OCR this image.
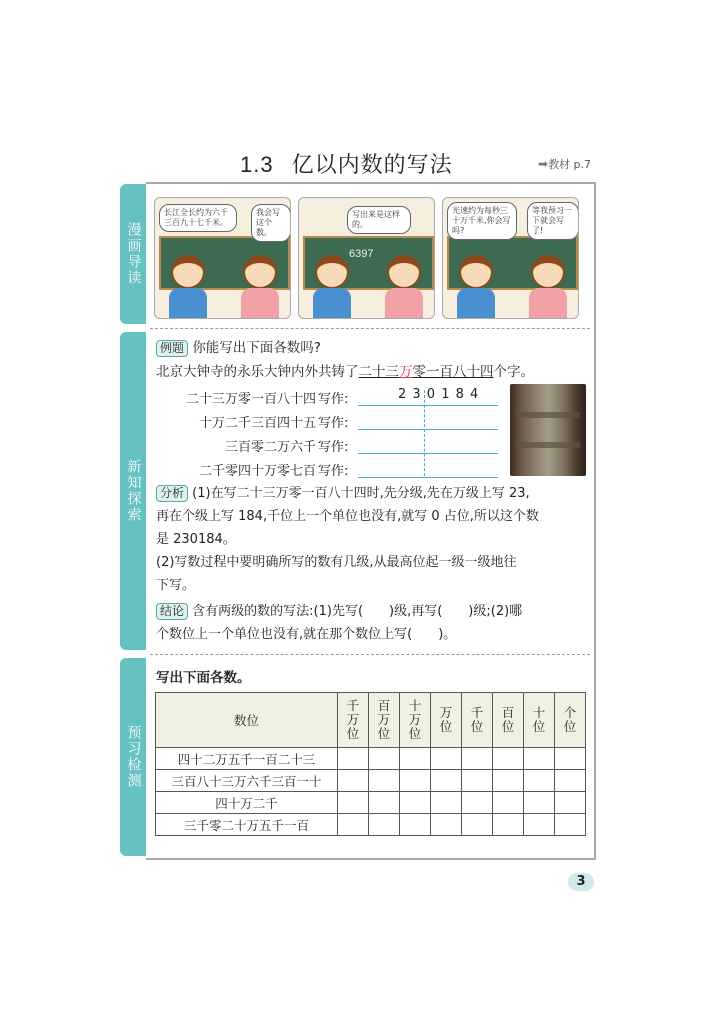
1.3 亿以内数的写法	➡教材 p.7
漫画导读
新知探索
预习检测
长江全长约为六千三百九十七千米。
我会写这个数。
6397
写出来是这样的。
光速约为每秒三十万千米,你会写吗?
等我预习一下就会写了!
例题 你能写出下面各数吗?
北京大钟寺的永乐大钟内外共铸了二十三万零一百八十四个字。
二十三万零一百八十四 写作:	2 3 0 1 8 4
十万二千三百四十五 写作:
三百零二万六千 写作:
二千零四十万零七百 写作:
分析 (1)在写二十三万零一百八十四时,先分级,先在万级上写 23,
再在个级上写 184,千位上一个单位也没有,就写 0 占位,所以这个数
是 230184。
(2)写数过程中要明确所写的数有几级,从最高位起一级一级地往
下写。
结论 含有两级的数的写法:(1)先写(　　)级,再写(　　)级;(2)哪
个数位上一个单位也没有,就在那个数位上写(　　)。
写出下面各数。
数位	千万位	百万位	十万位	万位	千位	百位	十位	个位
四十二万五千一百二十三								
三百八十三万六千三百一十								
四十万二千								
三千零二十万五千一百								
3
